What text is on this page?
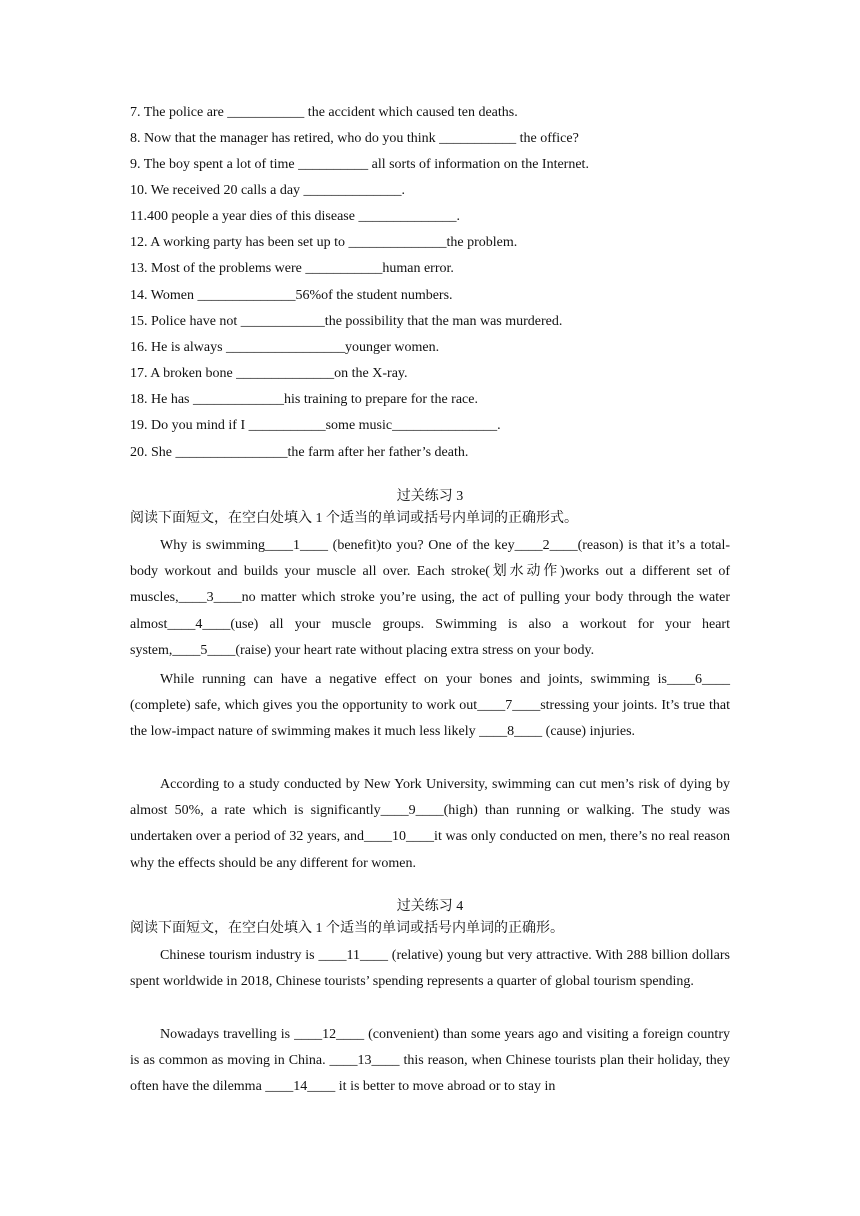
7. The police are ___________ the accident which caused ten deaths.
8. Now that the manager has retired, who do you think ___________ the office?
9. The boy spent a lot of time __________ all sorts of information on the Internet.
10. We received 20 calls a day ______________.
11.400 people a year dies of this disease ______________.
12. A working party has been set up to ______________the problem.
13. Most of the problems were ___________human error.
14. Women ______________56%of the student numbers.
15. Police have not ____________the possibility that the man was murdered.
16. He is always _________________younger women.
17. A broken bone ______________on the X-ray.
18. He has _____________his training to prepare for the race.
19. Do you mind if I ___________some music_______________.
20. She ________________the farm after her father’s death.
过关练习 3
阅读下面短文，在空白处填入 1 个适当的单词或括号内单词的正确形式。
Why is swimming____1____ (benefit)to you? One of the key____2____(reason) is that it’s a total-body workout and builds your muscle all over. Each stroke(划水动作)works out a different set of muscles,____3____no matter which stroke you’re using, the act of pulling your body through the water almost____4____(use) all your muscle groups. Swimming is also a workout for your heart system,____5____(raise) your heart rate without placing extra stress on your body.
While running can have a negative effect on your bones and joints, swimming is____6____ (complete) safe, which gives you the opportunity to work out____7____stressing your joints. It’s true that the low-impact nature of swimming makes it much less likely ____8____ (cause) injuries.
According to a study conducted by New York University, swimming can cut men’s risk of dying by almost 50%, a rate which is significantly____9____(high) than running or walking. The study was undertaken over a period of 32 years, and____10____it was only conducted on men, there’s no real reason why the effects should be any different for women.
过关练习 4
阅读下面短文，在空白处填入 1 个适当的单词或括号内单词的正确形。
Chinese tourism industry is ____11____ (relative) young but very attractive. With 288 billion dollars spent worldwide in 2018, Chinese tourists’ spending represents a quarter of global tourism spending.
Nowadays travelling is ____12____ (convenient) than some years ago and visiting a foreign country is as common as moving in China. ____13____ this reason, when Chinese tourists plan their holiday, they often have the dilemma ____14____ it is better to move abroad or to stay in
